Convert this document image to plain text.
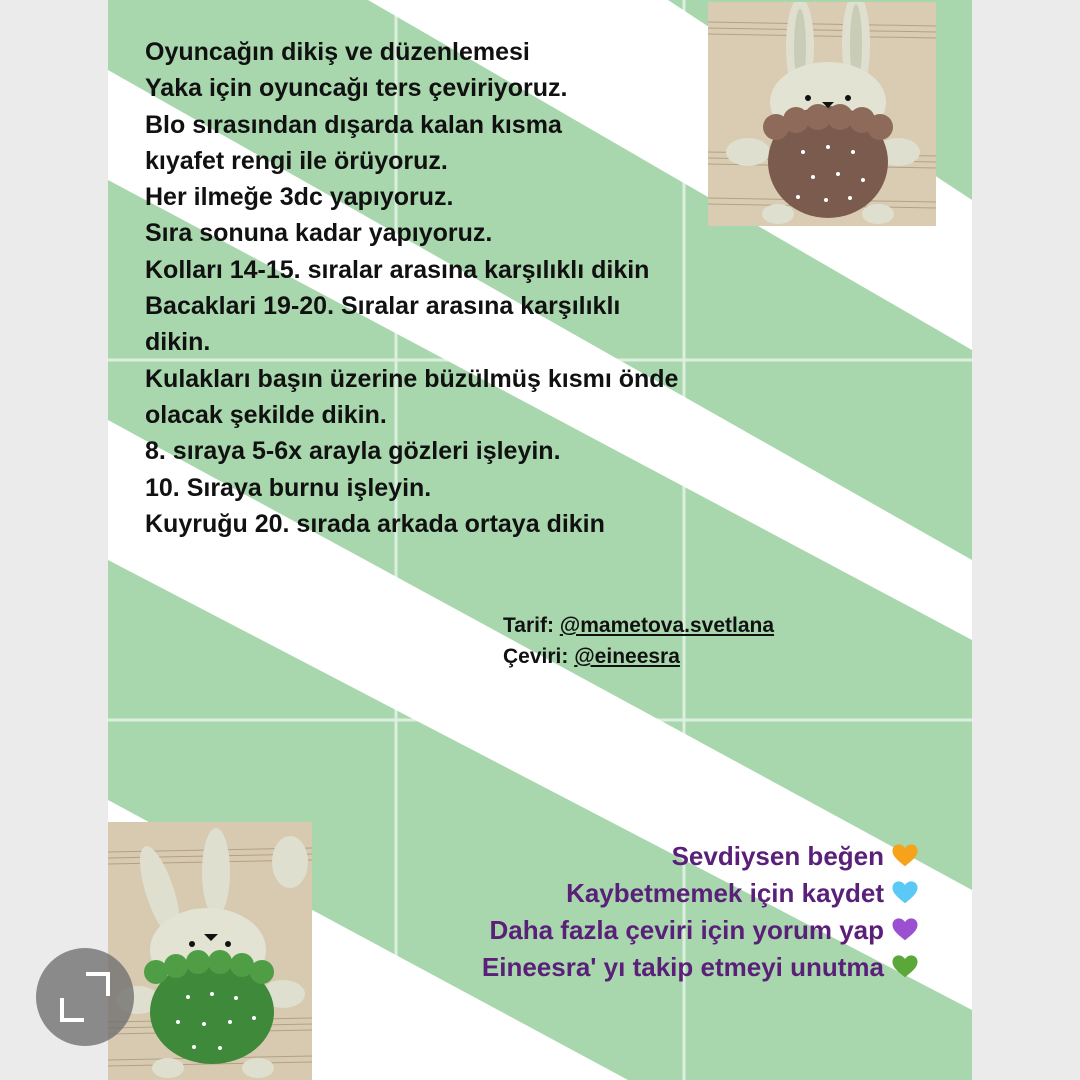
Oyuncağın dikiş ve düzenlemesi
Yaka için oyuncağı ters çeviriyoruz.
Blo sırasından dışarda kalan kısma
kıyafet rengi ile örüyoruz.
Her ilmeğe 3dc yapıyoruz.
Sıra sonuna kadar yapıyoruz.
Kolları 14-15. sıralar arasına karşılıklı dikin
Bacaklari 19-20. Sıralar arasına karşılıklı
dikin.
Kulakları başın üzerine büzülmüş kısmı önde
olacak şekilde dikin.
8. sıraya 5-6x arayla gözleri işleyin.
10. Sıraya burnu işleyin.
Kuyruğu 20. sırada arkada ortaya dikin
Tarif: @mametova.svetlana
Çeviri: @eineesra
Sevdiysen beğen
Kaybetmemek için kaydet
Daha fazla çeviri için yorum yap
Eineesra' yı takip etmeyi unutma
